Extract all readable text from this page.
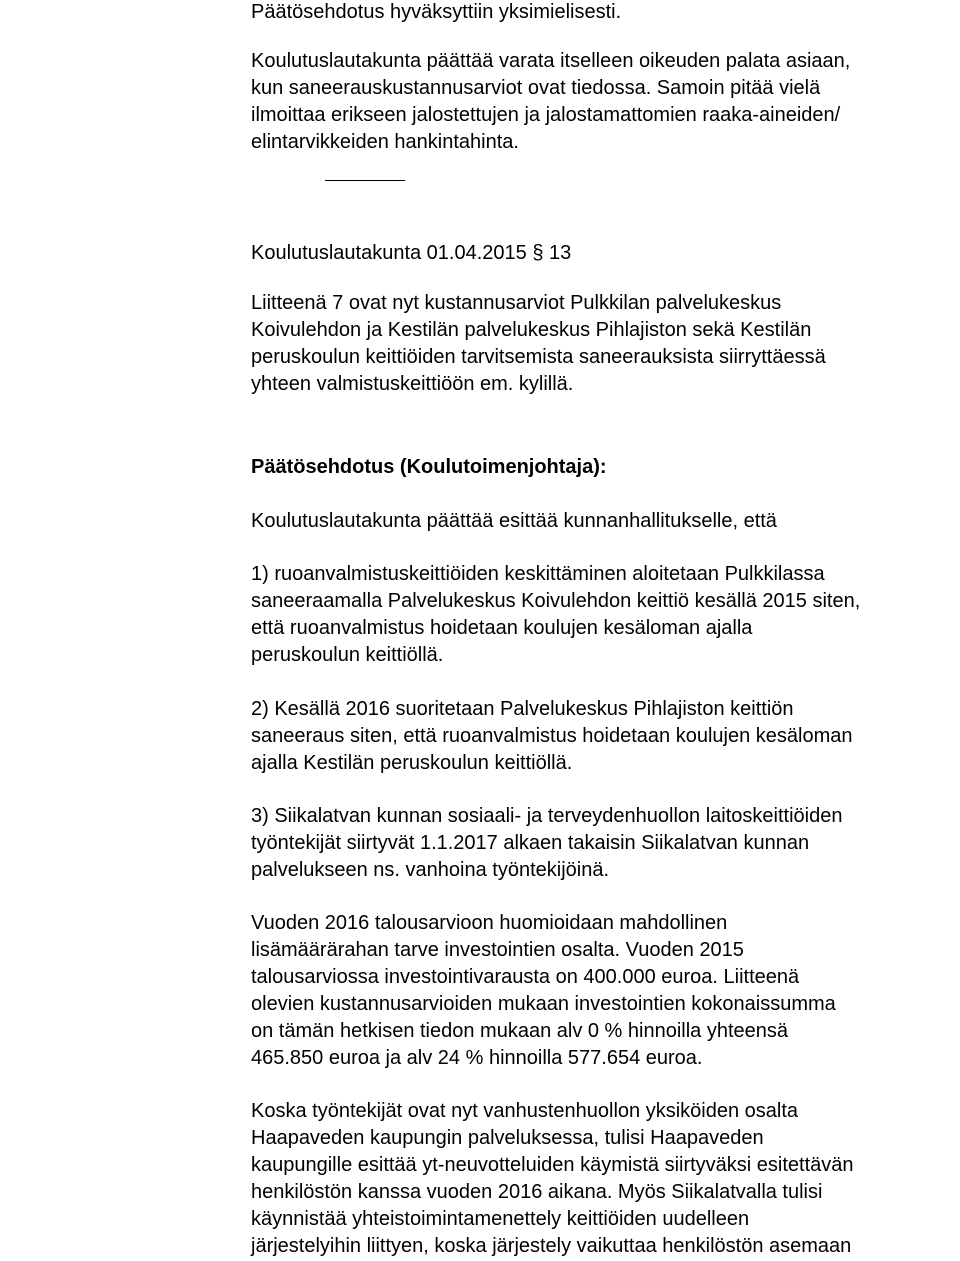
Päätösehdotus hyväksyttiin yksimielisesti.
Koulutuslautakunta päättää varata itselleen oikeuden palata asiaan,
kun saneerauskustannusarviot ovat tiedossa. Samoin pitää vielä
ilmoittaa erikseen jalostettujen ja jalostamattomien raaka-aineiden/
elintarvikkeiden hankintahinta.
Koulutuslautakunta 01.04.2015 § 13
Liitteenä 7 ovat nyt kustannusarviot Pulkkilan palvelukeskus
Koivulehdon ja Kestilän palvelukeskus Pihlajiston sekä Kestilän
peruskoulun keittiöiden tarvitsemista saneerauksista siirryttäessä
yhteen valmistuskeittiöön em. kylillä.
Päätösehdotus (Koulutoimenjohtaja):
Koulutuslautakunta päättää esittää kunnanhallitukselle, että
1) ruoanvalmistuskeittiöiden keskittäminen aloitetaan Pulkkilassa
saneeraamalla Palvelukeskus Koivulehdon keittiö kesällä 2015 siten,
että ruoanvalmistus hoidetaan koulujen kesäloman ajalla
peruskoulun keittiöllä.
2) Kesällä 2016 suoritetaan Palvelukeskus Pihlajiston keittiön
saneeraus siten, että ruoanvalmistus hoidetaan koulujen kesäloman
ajalla Kestilän peruskoulun keittiöllä.
3) Siikalatvan kunnan sosiaali- ja terveydenhuollon laitoskeittiöiden
työntekijät siirtyvät 1.1.2017 alkaen takaisin Siikalatvan kunnan
palvelukseen ns. vanhoina työntekijöinä.
Vuoden 2016 talousarvioon huomioidaan mahdollinen
lisämäärärahan tarve investointien osalta. Vuoden 2015
talousarviossa investointivarausta on 400.000 euroa. Liitteenä
olevien kustannusarvioiden mukaan investointien kokonaissumma
on tämän hetkisen tiedon mukaan alv 0 % hinnoilla yhteensä
465.850 euroa ja alv 24 % hinnoilla 577.654 euroa.
Koska työntekijät ovat nyt vanhustenhuollon yksiköiden osalta
Haapaveden kaupungin palveluksessa, tulisi Haapaveden
kaupungille esittää yt-neuvotteluiden käymistä siirtyväksi esitettävän
henkilöstön kanssa vuoden 2016 aikana. Myös Siikalatvalla tulisi
käynnistää yhteistoimintamenettely keittiöiden uudelleen
järjestelyihin liittyen, koska järjestely vaikuttaa henkilöstön asemaan
